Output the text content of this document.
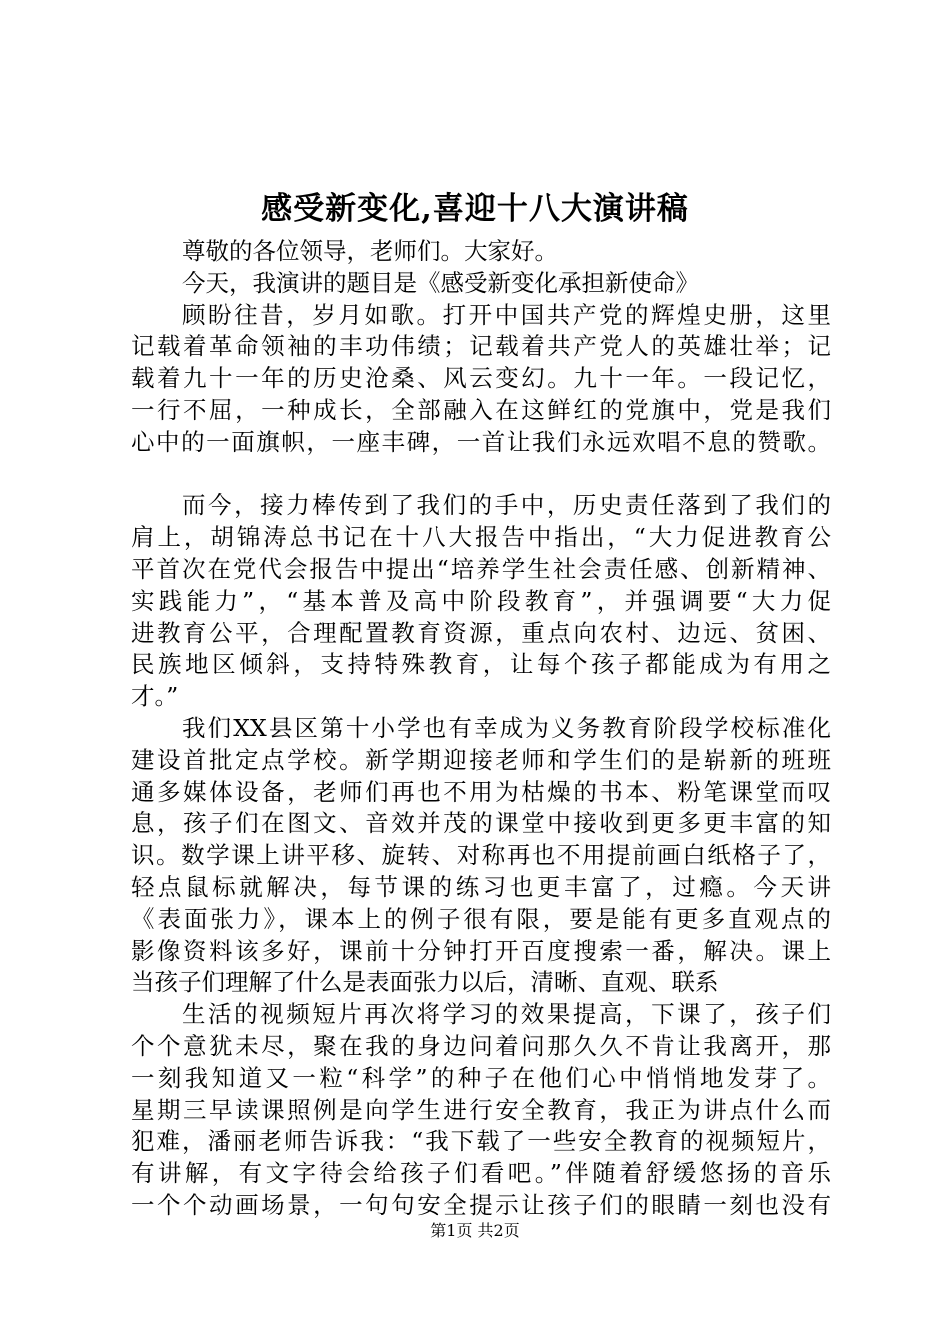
感受新变化,喜迎十八大演讲稿
尊敬的各位领导，老师们。大家好。
今天，我演讲的题目是《感受新变化承担新使命》
顾盼往昔，岁月如歌。打开中国共产党的辉煌史册，这里
记载着革命领袖的丰功伟绩；记载着共产党人的英雄壮举；记
载着九十一年的历史沧桑、风云变幻。九十一年。一段记忆，
一行不屈，一种成长，全部融入在这鲜红的党旗中，党是我们
心中的一面旗帜，一座丰碑，一首让我们永远欢唱不息的赞歌。
而今，接力棒传到了我们的手中，历史责任落到了我们的
肩上，胡锦涛总书记在十八大报告中指出，“大力促进教育公
平首次在党代会报告中提出“培养学生社会责任感、创新精神、
实践能力”，“基本普及高中阶段教育”，并强调要“大力促
进教育公平，合理配置教育资源，重点向农村、边远、贫困、
民族地区倾斜，支持特殊教育，让每个孩子都能成为有用之
才。”
我们XX县区第十小学也有幸成为义务教育阶段学校标准化
建设首批定点学校。新学期迎接老师和学生们的是崭新的班班
通多媒体设备，老师们再也不用为枯燥的书本、粉笔课堂而叹
息，孩子们在图文、音效并茂的课堂中接收到更多更丰富的知
识。数学课上讲平移、旋转、对称再也不用提前画白纸格子了，
轻点鼠标就解决，每节课的练习也更丰富了，过瘾。今天讲
《表面张力》，课本上的例子很有限，要是能有更多直观点的
影像资料该多好，课前十分钟打开百度搜索一番，解决。课上
当孩子们理解了什么是表面张力以后，清晰、直观、联系
生活的视频短片再次将学习的效果提高，下课了，孩子们
个个意犹未尽，聚在我的身边问着问那久久不肯让我离开，那
一刻我知道又一粒“科学”的种子在他们心中悄悄地发芽了。
星期三早读课照例是向学生进行安全教育，我正为讲点什么而
犯难，潘丽老师告诉我：“我下载了一些安全教育的视频短片，
有讲解，有文字待会给孩子们看吧。”伴随着舒缓悠扬的音乐
一个个动画场景，一句句安全提示让孩子们的眼睛一刻也没有
第1页 共2页
